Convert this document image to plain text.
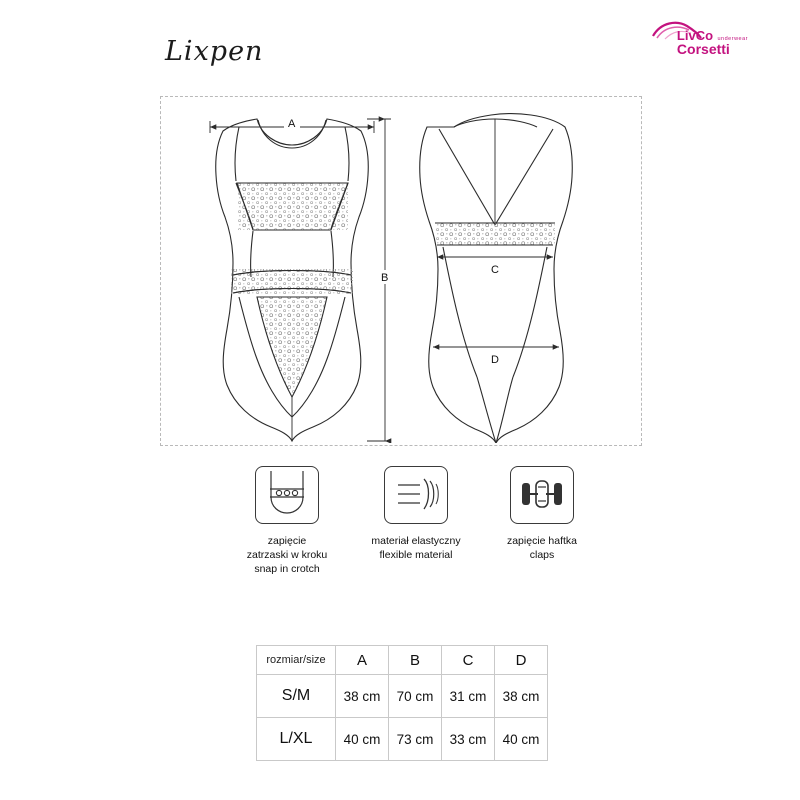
Lixpen
LivCo underwear
Corsetti
A
B
C
D
zapięcie
zatrzaski w kroku
snap in crotch
materiał elastyczny
flexible material
zapięcie haftka
claps
rozmiar/size	A	B	C	D
S/M	38 cm	70 cm	31 cm	38 cm
L/XL	40 cm	73 cm	33 cm	40 cm
